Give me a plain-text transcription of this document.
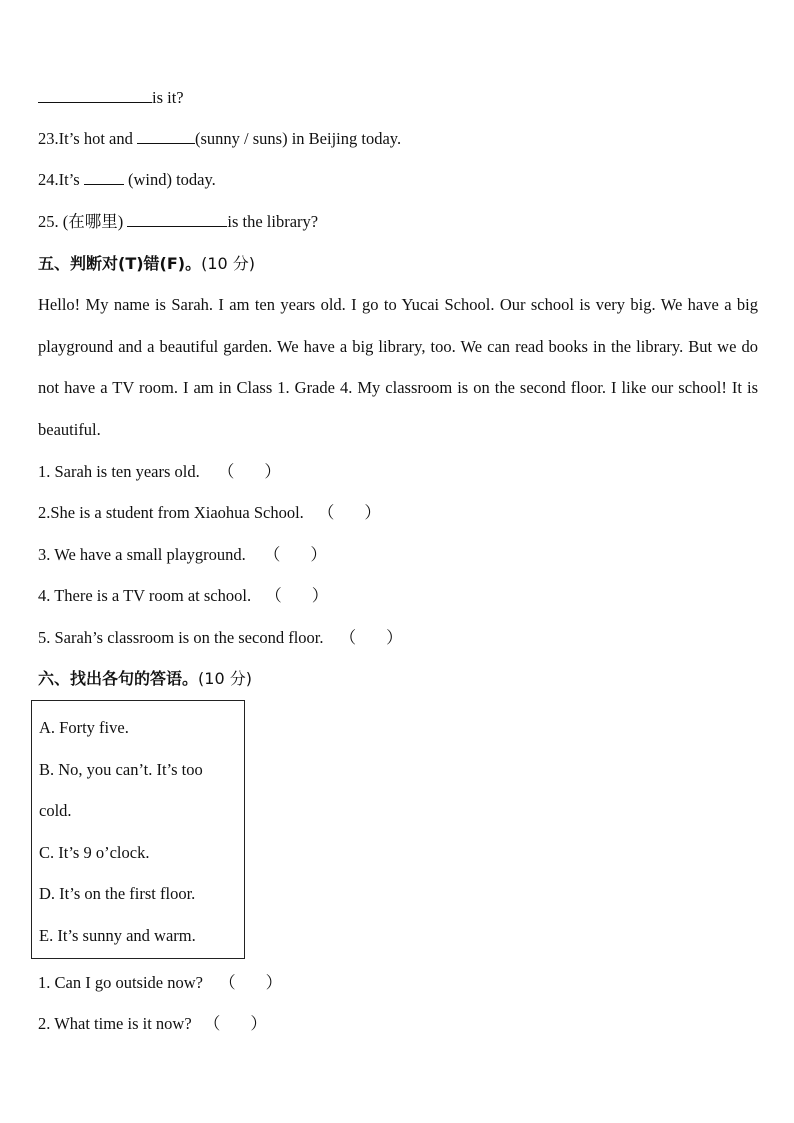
is it?
23.It’s hot and	(sunny / suns) in Beijing today.
24.It’s  (wind) today.
25. (在哪里)	is the library?
五、判断对(T)错(F)。(10 分)
Hello! My name is Sarah. I am ten years old. I go to Yucai School. Our school is very big. We have a big playground and a beautiful garden. We have a big library, too. We can read books in the library. But we do not have a TV room. I am in Class 1. Grade 4. My classroom is on the second floor. I like our school! It is beautiful.
1. Sarah is ten years old. （ ）
2.She is a student from Xiaohua School. （ ）
3. We have a small playground. （ ）
4. There is a TV room at school. （ ）
5. Sarah’s classroom is on the second floor. （ ）
六、找出各句的答语。(10 分)
A. Forty five.
B. No, you can’t. It’s too
cold.
C. It’s 9 o’clock.
D. It’s on the first floor.
E. It’s sunny and warm.
1. Can I go outside now? （ ）
2. What time is it now? （ ）
